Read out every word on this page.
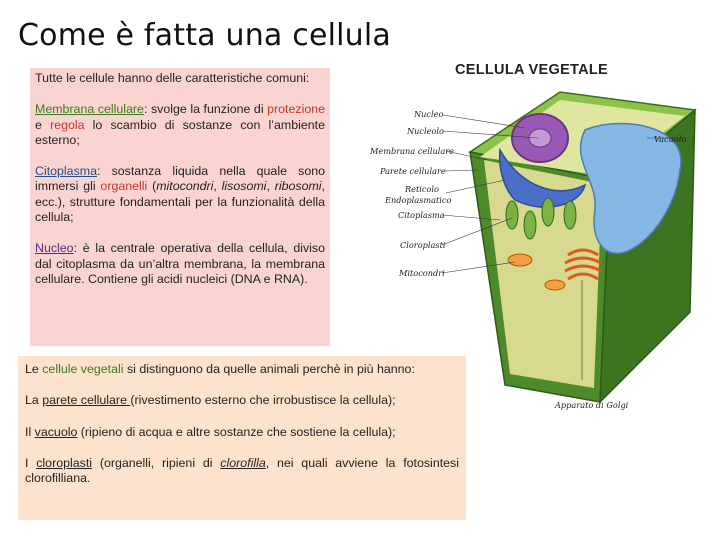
Come è fatta una cellula

Tutte le cellule hanno delle caratteristiche comuni:

Membrana cellulare: svolge la funzione di protezione e regola lo scambio di sostanze con l’ambiente esterno;

Citoplasma: sostanza liquida nella quale sono immersi gli organelli (mitocondri, lisosomi, ribosomi, ecc.), strutture fondamentali per la funzionalità della cellula;

Nucleo: è la centrale operativa della cellula, diviso dal citoplasma da un’altra membrana, la membrana cellulare. Contiene gli acidi nucleici (DNA e RNA).

Le cellule vegetali si distinguono da quelle animali perchè in più hanno:

La parete cellulare (rivestimento esterno che irrobustisce la cellula);

Il vacuolo (ripieno di acqua e altre sostanze che sostiene la cellula);

I cloroplasti (organelli, ripieni di clorofilla, nei quali avviene la fotosintesi clorofilliana.

CELLULA VEGETALE
Nucleo
Nucleolo
Membrana cellulare
Parete cellulare
Reticolo
Endoplasmatico
Citoplasma
Cloroplasti
Mitocondri
Vacuolo
Apparato di Golgi
